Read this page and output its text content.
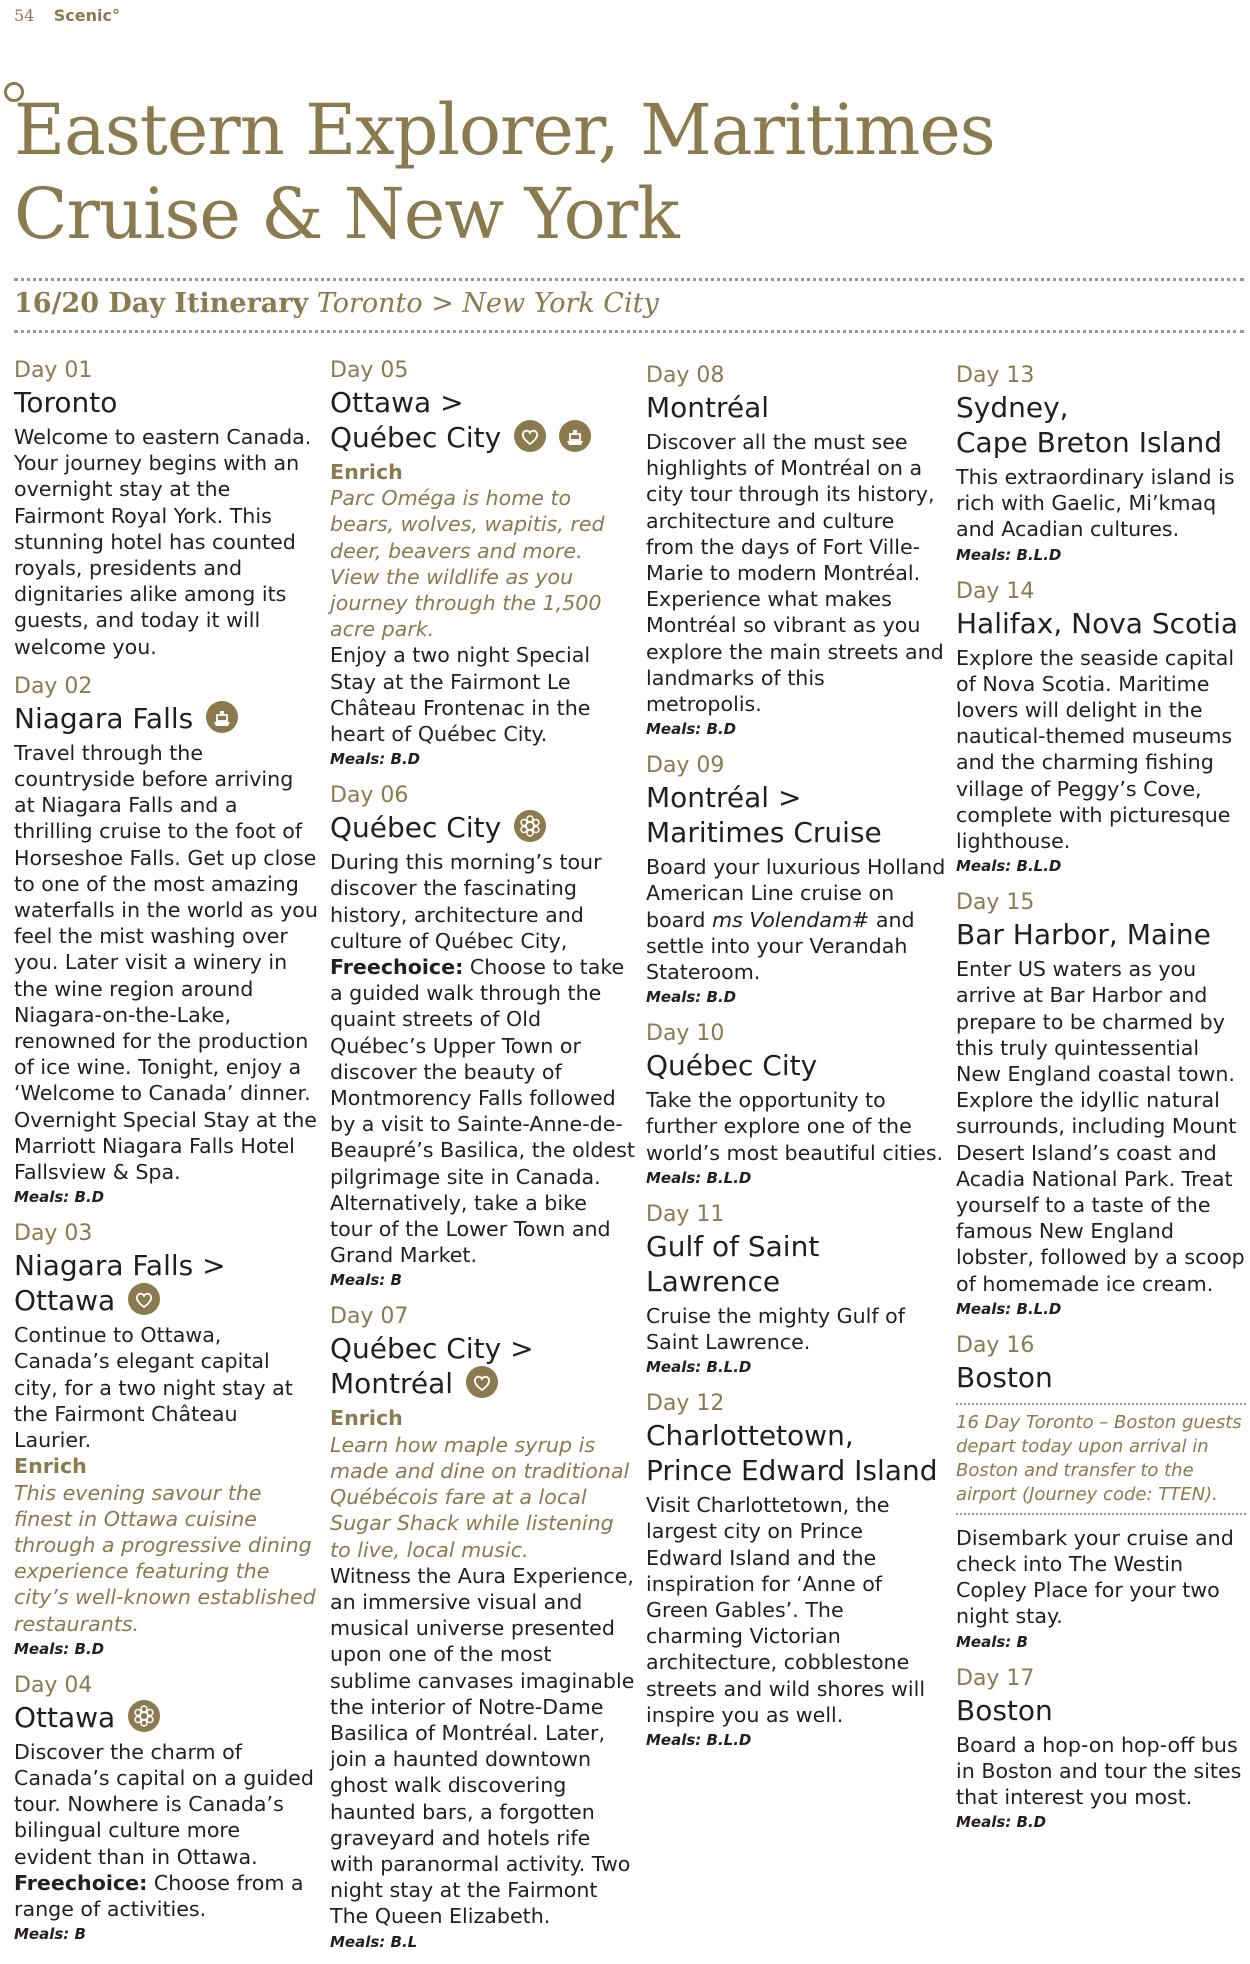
54 Scenic°
Eastern Explorer, Maritimes
Cruise & New York
16/20 Day Itinerary Toronto > New York City
Day 01
Toronto
Welcome to eastern Canada. Your journey begins with an overnight stay at the Fairmont Royal York. This stunning hotel has counted royals, presidents and dignitaries alike among its guests, and today it will welcome you.
Day 02
Niagara Falls
Travel through the countryside before arriving at Niagara Falls and a thrilling cruise to the foot of Horseshoe Falls. Get up close to one of the most amazing waterfalls in the world as you feel the mist washing over you. Later visit a winery in the wine region around Niagara-on-the-Lake, renowned for the production of ice wine. Tonight, enjoy a ‘Welcome to Canada’ dinner. Overnight Special Stay at the Marriott Niagara Falls Hotel Fallsview & Spa.
Meals: B.D
Day 03
Niagara Falls >
Ottawa
Continue to Ottawa, Canada’s elegant capital city, for a two night stay at the Fairmont Château Laurier.
Enrich
This evening savour the finest in Ottawa cuisine through a progressive dining experience featuring the city’s well-known established restaurants.
Meals: B.D
Day 04
Ottawa
Discover the charm of Canada’s capital on a guided tour. Nowhere is Canada’s bilingual culture more evident than in Ottawa.
Freechoice: Choose from a range of activities.
Meals: B
Day 05
Ottawa >
Québec City

Enrich
Parc Oméga is home to bears, wolves, wapitis, red deer, beavers and more. View the wildlife as you journey through the 1,500 acre park.
Enjoy a two night Special Stay at the Fairmont Le Château Frontenac in the heart of Québec City.
Meals: B.D
Day 06
Québec City
During this morning’s tour discover the fascinating history, architecture and culture of Québec City,
Freechoice: Choose to take a guided walk through the quaint streets of Old Québec’s Upper Town or discover the beauty of Montmorency Falls followed by a visit to Sainte-Anne-de-Beaupré’s Basilica, the oldest pilgrimage site in Canada. Alternatively, take a bike tour of the Lower Town and Grand Market.
Meals: B
Day 07
Québec City >
Montréal
Enrich
Learn how maple syrup is made and dine on traditional Québécois fare at a local Sugar Shack while listening to live, local music.
Witness the Aura Experience, an immersive visual and musical universe presented upon one of the most sublime canvases imaginable the interior of Notre-Dame Basilica of Montréal. Later, join a haunted downtown ghost walk discovering haunted bars, a forgotten graveyard and hotels rife with paranormal activity. Two night stay at the Fairmont The Queen Elizabeth.
Meals: B.L
Day 08
Montréal
Discover all the must see highlights of Montréal on a city tour through its history, architecture and culture from the days of Fort Ville-Marie to modern Montréal. Experience what makes Montréal so vibrant as you explore the main streets and landmarks of this metropolis.
Meals: B.D
Day 09
Montréal >
Maritimes Cruise
Board your luxurious Holland American Line cruise on board ms Volendam# and settle into your Verandah Stateroom.
Meals: B.D
Day 10
Québec City
Take the opportunity to further explore one of the world’s most beautiful cities.
Meals: B.L.D
Day 11
Gulf of Saint
Lawrence
Cruise the mighty Gulf of Saint Lawrence.
Meals: B.L.D
Day 12
Charlottetown,
Prince Edward Island
Visit Charlottetown, the largest city on Prince Edward Island and the inspiration for ‘Anne of Green Gables’. The charming Victorian architecture, cobblestone streets and wild shores will inspire you as well.
Meals: B.L.D
Day 13
Sydney,
Cape Breton Island
This extraordinary island is rich with Gaelic, Mi’kmaq and Acadian cultures.
Meals: B.L.D
Day 14
Halifax, Nova Scotia
Explore the seaside capital of Nova Scotia. Maritime lovers will delight in the nautical-themed museums and the charming fishing village of Peggy’s Cove, complete with picturesque lighthouse.
Meals: B.L.D
Day 15
Bar Harbor, Maine
Enter US waters as you arrive at Bar Harbor and prepare to be charmed by this truly quintessential New England coastal town. Explore the idyllic natural surrounds, including Mount Desert Island’s coast and Acadia National Park. Treat yourself to a taste of the famous New England lobster, followed by a scoop of homemade ice cream.
Meals: B.L.D
Day 16
Boston
16 Day Toronto – Boston guests depart today upon arrival in Boston and transfer to the airport (Journey code: TTEN).
Disembark your cruise and check into The Westin Copley Place for your two night stay.
Meals: B
Day 17
Boston
Board a hop-on hop-off bus in Boston and tour the sites that interest you most.
Meals: B.D
